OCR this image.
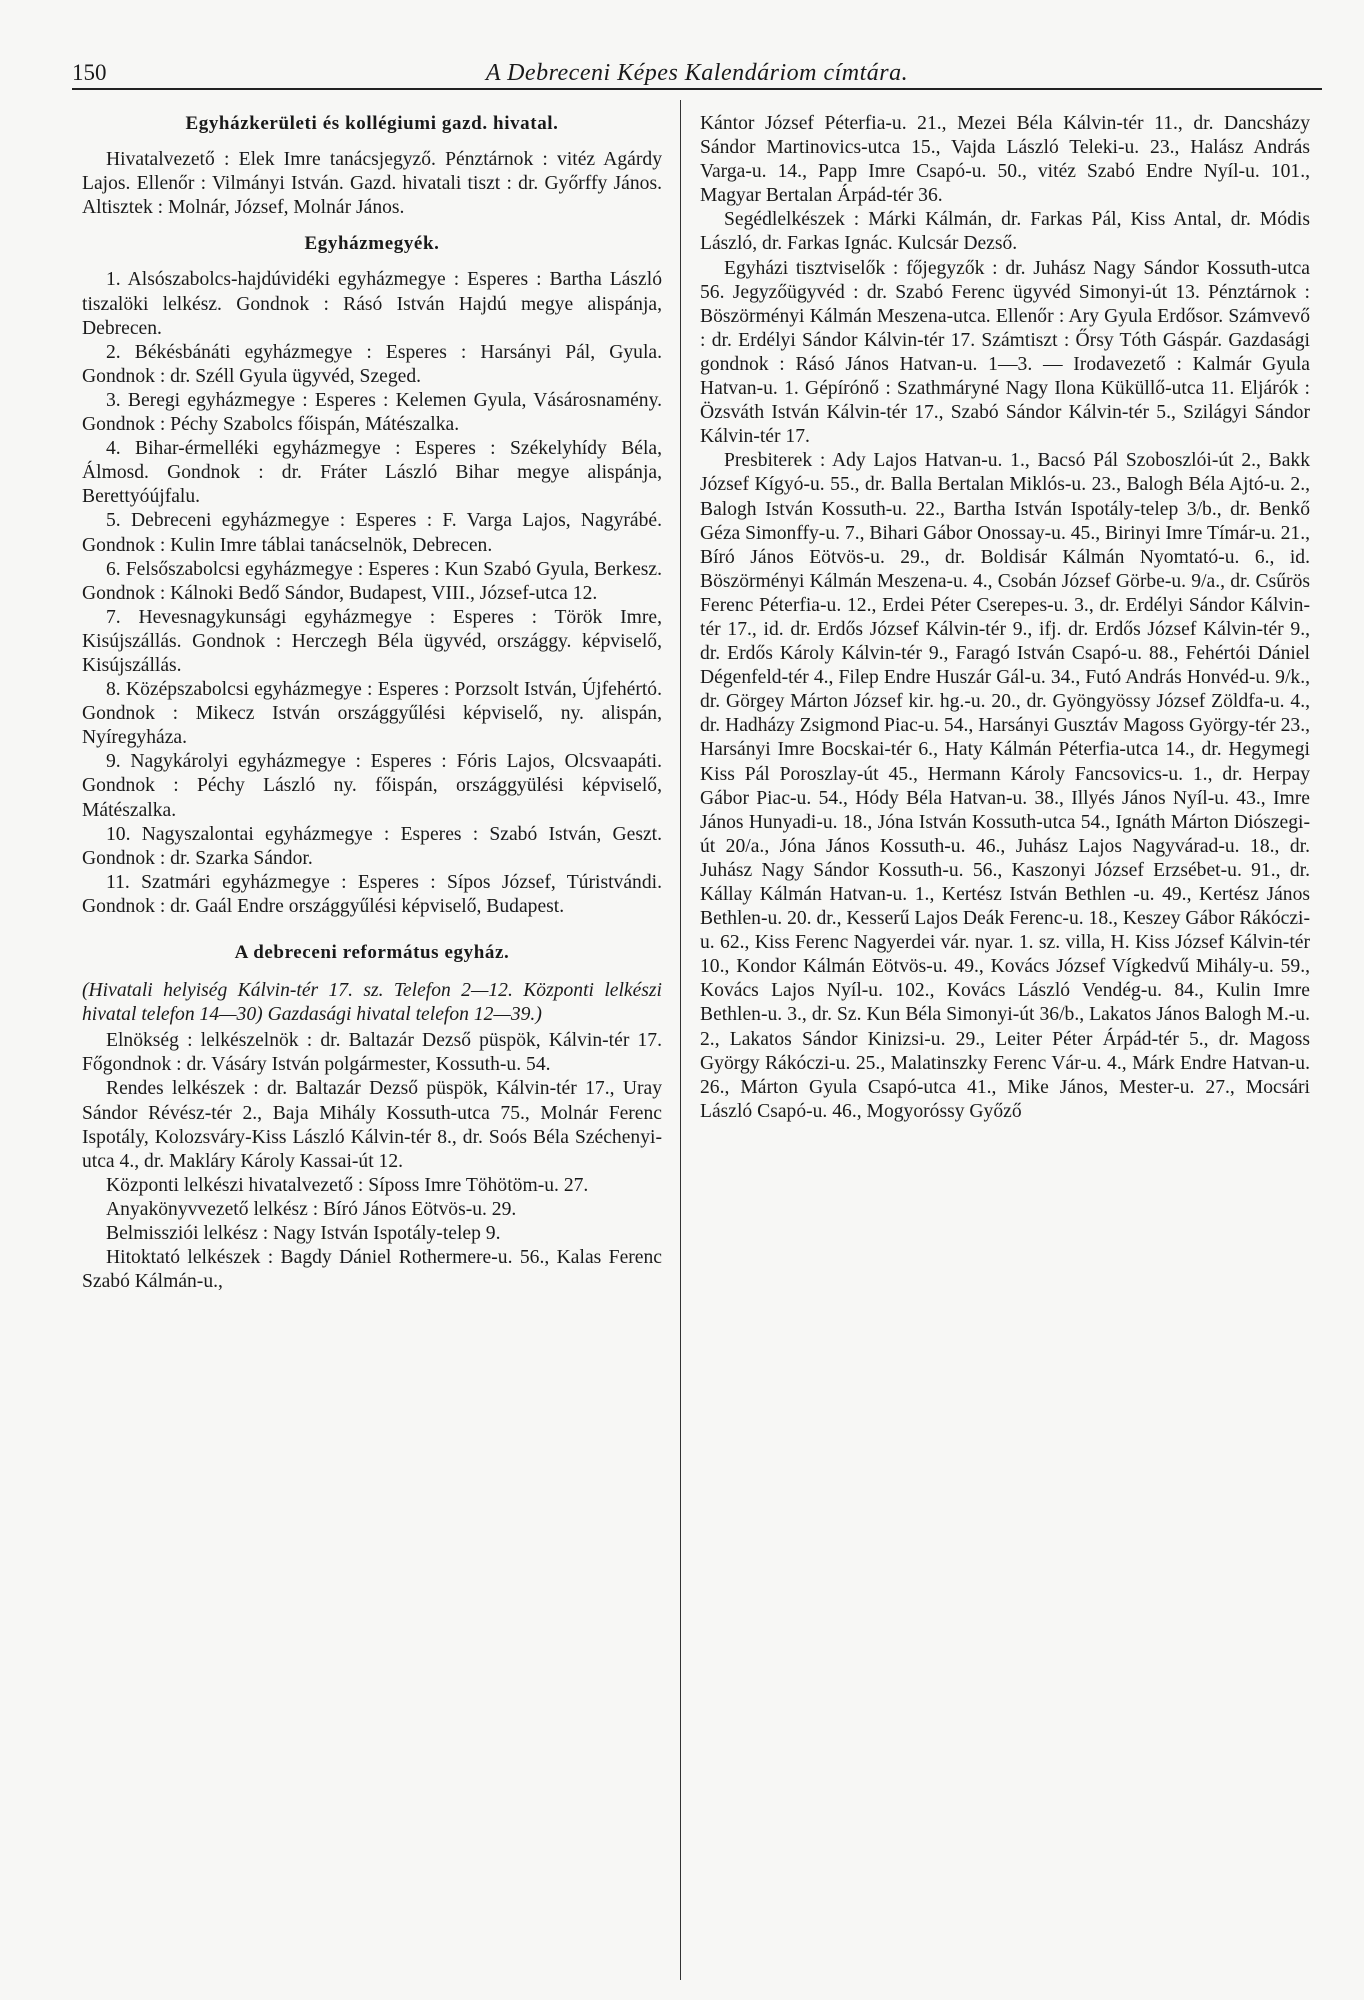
150	A Debreceni Képes Kalendáriom címtára.
Egyházkerületi és kollégiumi gazd. hivatal.

Hivatalvezető : Elek Imre tanácsjegyző. Pénztárnok : vitéz Agárdy Lajos. Ellenőr : Vilmányi István. Gazd. hivatali tiszt : dr. Győrffy János. Altisztek : Molnár, József, Molnár János.

Egyházmegyék.

1. Alsószabolcs-hajdúvidéki egyházmegye : Esperes : Bartha László tiszalöki lelkész. Gondnok : Rásó István Hajdú megye alispánja, Debrecen.

2. Békésbánáti egyházmegye : Esperes : Harsányi Pál, Gyula. Gondnok : dr. Széll Gyula ügyvéd, Szeged.

3. Beregi egyházmegye : Esperes : Kelemen Gyula, Vásárosnamény. Gondnok : Péchy Szabolcs főispán, Mátészalka.

4. Bihar-érmelléki egyházmegye : Esperes : Székelyhídy Béla, Álmosd. Gondnok : dr. Fráter László Bihar megye alispánja, Berettyóújfalu.

5. Debreceni egyházmegye : Esperes : F. Varga Lajos, Nagyrábé. Gondnok : Kulin Imre táblai tanácselnök, Debrecen.

6. Felsőszabolcsi egyházmegye : Esperes : Kun Szabó Gyula, Berkesz. Gondnok : Kálnoki Bedő Sándor, Budapest, VIII., József-utca 12.

7. Hevesnagykunsági egyházmegye : Esperes : Török Imre, Kisújszállás. Gondnok : Herczegh Béla ügyvéd, országgy. képviselő, Kisújszállás.

8. Középszabolcsi egyházmegye : Esperes : Porzsolt István, Újfehértó. Gondnok : Mikecz István országgyűlési képviselő, ny. alispán, Nyíregyháza.

9. Nagykárolyi egyházmegye : Esperes : Fóris Lajos, Olcsvaapáti. Gondnok : Péchy László ny. főispán, országgyülési képviselő, Mátészalka.

10. Nagyszalontai egyházmegye : Esperes : Szabó István, Geszt. Gondnok : dr. Szarka Sándor.

11. Szatmári egyházmegye : Esperes : Sípos József, Túristvándi. Gondnok : dr. Gaál Endre országgyűlési képviselő, Budapest.

A debreceni református egyház.

(Hivatali helyiség Kálvin-tér 17. sz. Telefon 2—12. Központi lelkészi hivatal telefon 14—30) Gazdasági hivatal telefon 12—39.)

Elnökség : lelkészelnök : dr. Baltazár Dezső püspök, Kálvin-tér 17. Főgondnok : dr. Vásáry István polgármester, Kossuth-u. 54.

Rendes lelkészek : dr. Baltazár Dezső püspök, Kálvin-tér 17., Uray Sándor Révész-tér 2., Baja Mihály Kossuth-utca 75., Molnár Ferenc Ispotály, Kolozsváry-Kiss László Kálvin-tér 8., dr. Soós Béla Széchenyi-utca 4., dr. Makláry Károly Kassai-út 12.

Központi lelkészi hivatalvezető : Síposs Imre Töhötöm-u. 27.

Anyakönyvvezető lelkész : Bíró János Eötvös-u. 29.

Belmissziói lelkész : Nagy István Ispotály-telep 9.

Hitoktató lelkészek : Bagdy Dániel Rothermere-u. 56., Kalas Ferenc Szabó Kálmán-u.,

Kántor József Péterfia-u. 21., Mezei Béla Kálvin-tér 11., dr. Dancsházy Sándor Martinovics-utca 15., Vajda László Teleki-u. 23., Halász András Varga-u. 14., Papp Imre Csapó-u. 50., vitéz Szabó Endre Nyíl-u. 101., Magyar Bertalan Árpád-tér 36.

Segédlelkészek : Márki Kálmán, dr. Farkas Pál, Kiss Antal, dr. Módis László, dr. Farkas Ignác. Kulcsár Dezső.

Egyházi tisztviselők : főjegyzők : dr. Juhász Nagy Sándor Kossuth-utca 56. Jegyzőügyvéd : dr. Szabó Ferenc ügyvéd Simonyi-út 13. Pénztárnok : Böszörményi Kálmán Meszena-utca. Ellenőr : Ary Gyula Erdősor. Számvevő : dr. Erdélyi Sándor Kálvin-tér 17. Számtiszt : Őrsy Tóth Gáspár. Gazdasági gondnok : Rásó János Hatvan-u. 1—3. — Irodavezető : Kalmár Gyula Hatvan-u. 1. Gépírónő : Szathmáryné Nagy Ilona Küküllő-utca 11. Eljárók : Özsváth István Kálvin-tér 17., Szabó Sándor Kálvin-tér 5., Szilágyi Sándor Kálvin-tér 17.

Presbiterek : Ady Lajos Hatvan-u. 1., Bacsó Pál Szoboszlói-út 2., Bakk József Kígyó-u. 55., dr. Balla Bertalan Miklós-u. 23., Balogh Béla Ajtó-u. 2., Balogh István Kossuth-u. 22., Bartha István Ispotály-telep 3/b., dr. Benkő Géza Simonffy-u. 7., Bihari Gábor Onossay-u. 45., Birinyi Imre Tímár-u. 21., Bíró János Eötvös-u. 29., dr. Boldisár Kálmán Nyomtató-u. 6., id. Böszörményi Kálmán Meszena-u. 4., Csobán József Görbe-u. 9/a., dr. Csűrös Ferenc Péterfia-u. 12., Erdei Péter Cserepes-u. 3., dr. Erdélyi Sándor Kálvin-tér 17., id. dr. Erdős József Kálvin-tér 9., ifj. dr. Erdős József Kálvin-tér 9., dr. Erdős Károly Kálvin-tér 9., Faragó István Csapó-u. 88., Fehértói Dániel Dégenfeld-tér 4., Filep Endre Huszár Gál-u. 34., Futó András Honvéd-u. 9/k., dr. Görgey Márton József kir. hg.-u. 20., dr. Gyöngyössy József Zöldfa-u. 4., dr. Hadházy Zsigmond Piac-u. 54., Harsányi Gusztáv Magoss György-tér 23., Harsányi Imre Bocskai-tér 6., Haty Kálmán Péterfia-utca 14., dr. Hegymegi Kiss Pál Poroszlay-út 45., Hermann Károly Fancsovics-u. 1., dr. Herpay Gábor Piac-u. 54., Hódy Béla Hatvan-u. 38., Illyés János Nyíl-u. 43., Imre János Hunyadi-u. 18., Jóna István Kossuth-utca 54., Ignáth Márton Diószegi-út 20/a., Jóna János Kossuth-u. 46., Juhász Lajos Nagyvárad-u. 18., dr. Juhász Nagy Sándor Kossuth-u. 56., Kaszonyi József Erzsébet-u. 91., dr. Kállay Kálmán Hatvan-u. 1., Kertész István Bethlen -u. 49., Kertész János Bethlen-u. 20. dr., Kesserű Lajos Deák Ferenc-u. 18., Keszey Gábor Rákóczi-u. 62., Kiss Ferenc Nagyerdei vár. nyar. 1. sz. villa, H. Kiss József Kálvin-tér 10., Kondor Kálmán Eötvös-u. 49., Kovács József Vígkedvű Mihály-u. 59., Kovács Lajos Nyíl-u. 102., Kovács László Vendég-u. 84., Kulin Imre Bethlen-u. 3., dr. Sz. Kun Béla Simonyi-út 36/b., Lakatos János Balogh M.-u. 2., Lakatos Sándor Kinizsi-u. 29., Leiter Péter Árpád-tér 5., dr. Magoss György Rákóczi-u. 25., Malatinszky Ferenc Vár-u. 4., Márk Endre Hatvan-u. 26., Márton Gyula Csapó-utca 41., Mike János, Mester-u. 27., Mocsári László Csapó-u. 46., Mogyoróssy Győző
